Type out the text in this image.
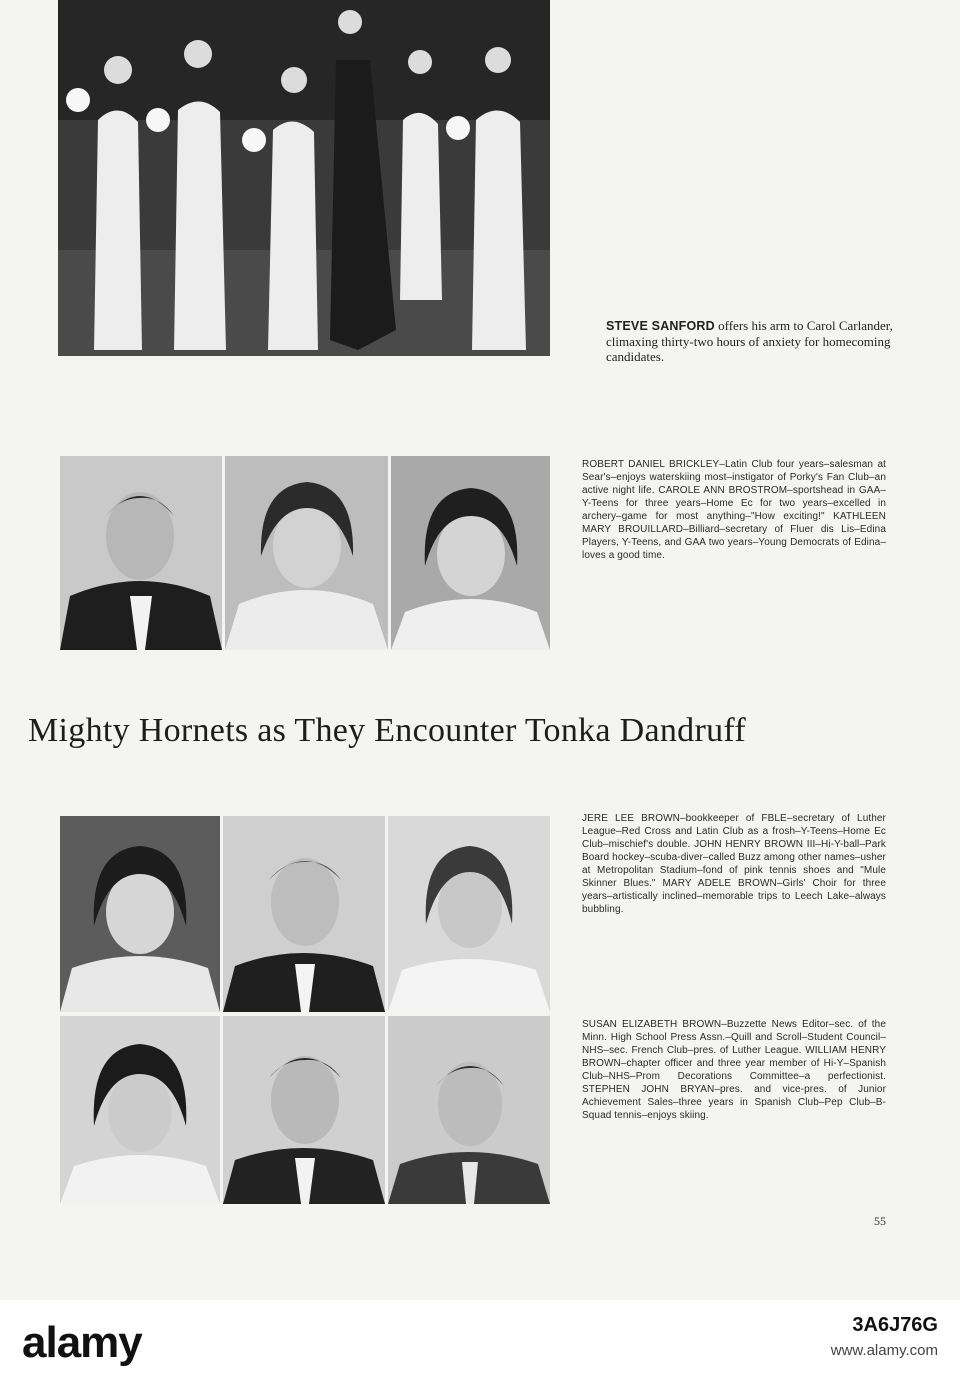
STEVE SANFORD offers his arm to Carol Carlander, climaxing thirty-two hours of anxiety for homecoming candidates.
ROBERT DANIEL BRICKLEY–Latin Club four years–salesman at Sear's–enjoys waterskiing most–instigator of Porky's Fan Club–an active night life. CAROLE ANN BROSTROM–sportshead in GAA–Y-Teens for three years–Home Ec for two years–excelled in archery–game for most anything–"How exciting!" KATHLEEN MARY BROUILLARD–Billiard–secretary of Fluer dis Lis–Edina Players, Y-Teens, and GAA two years–Young Democrats of Edina–loves a good time.
Mighty Hornets as They Encounter Tonka Dandruff
JERE LEE BROWN–bookkeeper of FBLE–secretary of Luther League–Red Cross and Latin Club as a frosh–Y-Teens–Home Ec Club–mischief's double. JOHN HENRY BROWN III–Hi-Y-ball–Park Board hockey–scuba-diver–called Buzz among other names–usher at Metropolitan Stadium–fond of pink tennis shoes and "Mule Skinner Blues." MARY ADELE BROWN–Girls' Choir for three years–artistically inclined–memorable trips to Leech Lake–always bubbling.
SUSAN ELIZABETH BROWN–Buzzette News Editor–sec. of the Minn. High School Press Assn.–Quill and Scroll–Student Council–NHS–sec. French Club–pres. of Luther League. WILLIAM HENRY BROWN–chapter officer and three year member of Hi-Y–Spanish Club–NHS–Prom Decorations Committee–a perfectionist. STEPHEN JOHN BRYAN–pres. and vice-pres. of Junior Achievement Sales–three years in Spanish Club–Pep Club–B-Squad tennis–enjoys skiing.
55
alamy	3A6J76G
www.alamy.com
